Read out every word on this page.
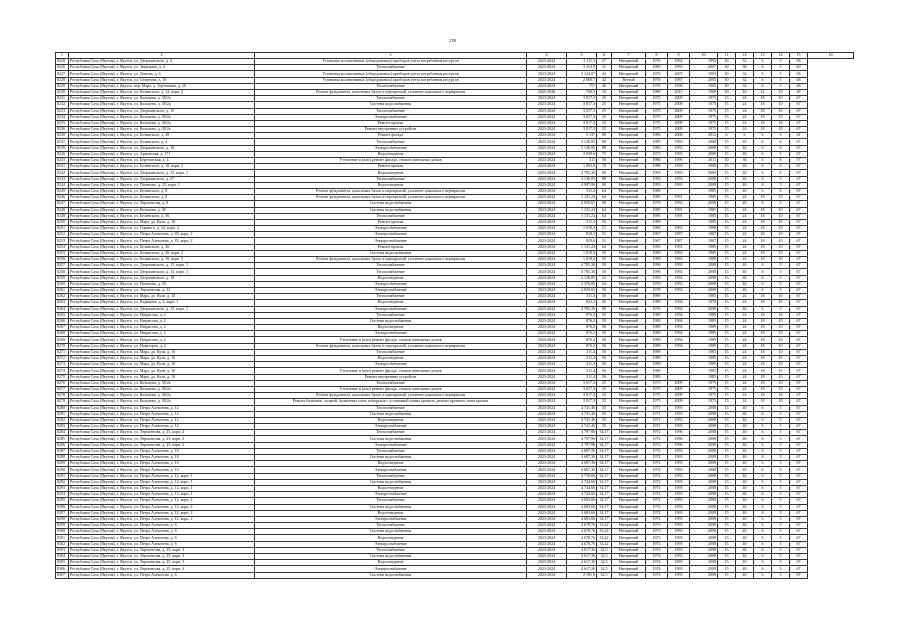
2ТВ
1	2	3	4	5	6	7	8	9	10	11	12	13	14	15	16
8220	Республика Саха (Якутия), г. Якутск, ул. Дзержинского, д. 6	Установка коллективных (общедомовых) приборов учета потребления ресурсов	2023-2024	2 111,3	57	Негорючий	1976	1964	1993	30	32	6	5	68	
8226	Республика Саха (Якутия), г. Якутск, ул. Зверовава, д. 4	Теплоснабжение	2023-2024	3 414,9	31	Негорючий	1985	1993	2007	30	38	6	5	60	
8227	Республика Саха (Якутия), г. Якутск, ул. Ленина, д. 6	Установка коллективных (общедомовых) приборов учета потребления ресурсов	2023-2024	3 124,07	42	Негорючий	1976	2007	1993	30	32	6	5	68	
8228	Республика Саха (Якутия), г. Якутск, ул. Семенова, д. 16	Установка коллективных (общедомовых) приборов учета потребления ресурсов	2023-2024	2 868,7	42	Ветхой	1978	1987	2005	30	32	6	5	68	
8229	Республика Саха (Якутия), г. Якутск, пер. Мара, д. Терешкина, д. 20	Теплоснабжение	2023-2024	751	40	Негорючий	1976	1996	1965	30	32	6	5	68	
8230	Республика Саха (Якутия), г. Якутск, ул. Белинского, д. 12, корп. 2	Ремонт фундамента, цокольных балок и перекрытий, усиление цокольного перекрытия	2025-2026	720,3	16	Негорючий	1980	2015	1968	30	16	12	10	48	
8231	Республика Саха (Якутия), г. Якутск, ул. Кольцева, д. 38/2а	Теплоснабжение	2023-2024	3 017,3	25	Негорючий	1975	2009	1975	15	24	18	10	67	
8232	Республика Саха (Якутия), г. Якутск, ул. Кольцева, д. 38/2а	Система водоснабжения	2023-2024	3 017,3	25	Негорючий	1975	2009	1975	15	24	18	10	67	
8233	Республика Саха (Якутия), г. Якутск, ул. Дзержинского, д. 15	Теплоснабжение	2023-2024	3 017,3	25	Негорючий	1975	2009	1975	15	24	18	10	67	
8234	Республика Саха (Якутия), г. Якутск, ул. Кольцева, д. 38/2а	Электроснабжение	2023-2024	3 017,3	25	Негорючий	1975	2009	1975	15	24	18	10	67	
8235	Республика Саха (Якутия), г. Якутск, ул. Кольцева, д. 38/2а	Ремонт кровли	2023-2024	3 017,3	25	Негорючий	1975	2009	1975	15	24	18	10	67	
8236	Республика Саха (Якутия), г. Якутск, ул. Кольцева, д. 38/2а	Ремонт внутренних устройств	2023-2024	3 017,3	25	Негорючий	1975	2009	1975	15	24	18	10	67	
8238	Республика Саха (Якутия), г. Якутск, ул. Белинского, д. 48	Ремонт фасада	2023-2024	3 137	88	Негорючий	1986	2008	2012	6	6	6	6	61	
8237	Республика Саха (Якутия), г. Якутск, ул. Белинского, д. 4	Теплоснабжение	2023-2024	3 136,85	88	Негорючий	1985	1993	2008	15	40	6	6	67	
8239	Республика Саха (Якутия), г. Якутск, ул. Дзержинского, д. 18	Электроснабжение	2023-2024	5 136,85	88	Негорючий	1985	1993	2008	15	40	6	6	67	
8240	Республика Саха (Якутия), г. Якутск, ул. Арманская, д. 171	Водоотведение	2023-2024	3 039,6	75	Негорючий	1973	1993	2008	15	40	6	5	67	
8243	Республика Саха (Якутия), г. Якутск, ул. Березовская, д. 4	Утепление и (или) ремонт фасада, стыков панельных домов	2023-2024	311	56	Негорючий	1986	1996	2011	30	36	5	8	57	
8241	Республика Саха (Якутия), г. Якутск, ул. Белинского, д. 16, корп. 2	Ремонт кровли	2023-2024	1 903,8	70	Негорючий	1986	1993	1968	15	40	6	6	67	
8242	Республика Саха (Якутия), г. Якутск, ул. Дзержинского, д. 15, корп. 1	Водоотведение	2023-2024	4 785,36	90	Негорючий	1993	1993	2009	15	40	6	6	67	
8243	Республика Саха (Якутия), г. Якутск, ул. Дзержинского, д. 27	Теплоснабжение	2023-2024	3 136,85	88	Негорючий	1993	1993	2008	15	40	6	5	67	
8244	Республика Саха (Якутия), г. Якутск, ул. Потапова, д. 25, корп. 1	Водоотведение	2023-2024	4 997,96	90	Негорючий	1993	1993	2008	15	40	6	5	67	
8245	Республика Саха (Якутия), г. Якутск, ул. Белинского, д. 8	Ремонт фундамента, цокольных балок и перекрытий, усиление цокольного перекрытия	2023-2024	311,4	64	Негорючий	1989		1985	15	40	6	6	67	
8246	Республика Саха (Якутия), г. Якутск, ул. Белинского, д. 8	Ремонт фундамента, цокольных балок и перекрытий, усиление цокольного перекрытия	2023-2024	1 131,24	64	Негорючий	1985	1991	1985	15	24	18	10	67	
8247	Республика Саха (Якутия), г. Якутск, ул. Лермонтова, д. 8	Система водоснабжения	2023-2024	2 050,65	50	Негорючий	1978	1992	2008	15	40	6	5	67	
8248	Республика Саха (Якутия), г. Якутск, ул. Кольцева, д. 38	Система водоснабжения	2023-2024	1 131,24	64	Негорючий	1985	1991	1985	15	24	18	10	67	
8249	Республика Саха (Якутия), г. Якутск, ул. Белинского, д. 36	Теплоснабжение	2023-2024	1 131,24	64	Негорючий	1985	1991	1985	15	24	18	10	67	
8250	Республика Саха (Якутия), г. Якутск, ул. Мара, дл. Кузи, д. 16	Ремонт кровли	2023-2024	311,4	56	Негорючий	1989		1985	15	24	18	10	67	
8251	Республика Саха (Якутия), г. Якутск, ул. Горького, д. 34, корп. 2	Электроснабжение	2023-2024	1 018,4	51	Негорючий	1969	1963	1988	15	24	18	10	67	
8252	Республика Саха (Якутия), г. Якутск, ул. Петра Алексеева, д. 83, корп. 2	Электроснабжение	2023-2024	819,3	51	Негорючий	1967	1987	1967	15	24	18	10	67	
8253	Республика Саха (Якутия), г. Якутск, ул. Петра Алексеева, д. 83, корп. 2	Электроснабжение	2023-2024	829,6	51	Негорючий	1967	1987	1967	15	24	18	10	67	
8254	Республика Саха (Якутия), г. Якутск, ул. Белинского, д. 26	Ремонт кровли	2023-2024	1 131,24	64	Негорючий	1985	1991	1985	15	24	18	10	67	
8255	Республика Саха (Якутия), г. Якутск, ул. Белинского, д. 36, корп. 2	Система водоснабжения	2023-2024	1 018,4	50	Негорючий	1989	1963	1985	15	24	18	10	67	
8256	Республика Саха (Якутия), г. Якутск, ул. Белинского, д. 10, корп. 3	Ремонт фундамента, цокольных балок и перекрытий, усиление цокольного перекрытия	2023-2024	1 018,4	50	Негорючий	1989	1963	1988	15	24	18	10	67	
8257	Республика Саха (Якутия), г. Якутск, ул. Дзержинского, д. 15, корп. 1	Теплоснабжение	2023-2024	4 785,36	50	Негорючий	1996	1992	2008	15	40	6	5	67	
8258	Республика Саха (Якутия), г. Якутск, ул. Дзержинского, д. 15, корп. 1	Теплоснабжение	2023-2024	4 785,36	50	Негорючий	1996	1992	2008	15	40	6	5	67	
8259	Республика Саха (Якутия), г. Якутск, ул. Дзержинского, д. 18	Водоотведение	2023-2024	2 136,85	52	Негорючий	1993	1992	2008	15	40	6	5	67	
8260	Республика Саха (Якутия), г. Якутск, ул. Потапова, д. 25	Электроснабжение	2023-2024	2 376,85	52	Негорючий	1979	1993	2008	15	40	6	5	67	
8261	Республика Саха (Якутия), г. Якутск, ул. Лермонтова, д. 22	Электроснабжение	2023-2024	2 050,65	50	Негорючий	1978	1992	2008	15	40	6	5	67	
8262	Республика Саха (Якутия), г. Якутск, ул. Мара, дл. Кузи, д. 10	Теплоснабжение	2023-2024	311,4	56	Негорючий	1989		1985	15	24	18	10	67	
8263	Республика Саха (Якутия), г. Якутск, ул. Радищева, д. 4, корп. 1	Водоотведение	2023-2024	823,2	45	Негорючий	1989	1994	1970	15	24	18	10	67	
8264	Республика Саха (Якутия), г. Якутск, ул. Дзержинского, д. 15, корп. 1	Электроснабжение	2023-2024	4 785,36	90	Негорючий	1976	1992	2008	15	40	6	5	67	
8265	Республика Саха (Якутия), г. Якутск, ул. Некрасова, д. 2	Теплоснабжение	2023-2024	876,2	50	Негорючий	1989	1994	1989	15	24	18	10	67	
8266	Республика Саха (Якутия), г. Якутск, ул. Некрасова, д. 2	Система водоснабжения	2023-2024	876,2	50	Негорючий	1989	1994	1989	15	24	18	10	67	
8267	Республика Саха (Якутия), г. Якутск, ул. Некрасова, д. 2	Водоотведение	2023-2024	876,2	50	Негорючий	1989	1994	1989	15	24	18	10	67	
8268	Республика Саха (Якутия), г. Якутск, ул. Некрасова, д. 2	Электроснабжение	2023-2024	876,2	50	Негорючий	1989	1994	1989	15	24	18	10	67	
8269	Республика Саха (Якутия), г. Якутск, ул. Некрасова, д. 2	Утепление и (или) ремонт фасада, стыков панельных домов	2023-2024	876,2	50	Негорючий	1989	1994	1989	15	24	18	10	67	
8270	Республика Саха (Якутия), г. Якутск, ул. Новаторов, д. 2	Ремонт фундамента, цокольных балок и перекрытий, усиление цокольного перекрытия	2023-2024	876,2	50	Негорючий	1989	1994	1989	15	24	18	10	67	
8271	Республика Саха (Якутия), г. Якутск, ул. Мара, дл. Кузи, д. 10	Теплоснабжение	2023-2024	311,4	56	Негорючий	1989		1985	15	24	18	10	67	
8272	Республика Саха (Якутия), г. Якутск, ул. Мара, дл. Кузи, д. 10	Водоотведение	2023-2024	311,4	56	Негорючий	1989		1985	15	24	18	10	67	
8273	Республика Саха (Якутия), г. Якутск, ул. Мара, дл. Кузи, д. 10	Электроснабжение	2023-2024	311,4	56	Негорючий	1989		1985	15	24	18	10	67	
8274	Республика Саха (Якутия), г. Якутск, ул. Мара, дл. Кузи, д. 10	Утепление и (или) ремонт фасада, стыков панельных домов	2023-2024	311,4	56	Негорючий	1989		1985	15	24	18	10	67	
8275	Республика Саха (Якутия), г. Якутск, ул. Мара, дл. Кузи, д. 10	Ремонт внутренних устройств	2023-2024	311,4	56	Негорючий	1989		1985	15	24	18	10	67	
8276	Республика Саха (Якутия), г. Якутск, ул. Кольцева, д. 38/2а	Теплоснабжение	2023-2024	3 017,3	25	Негорючий	1975	2009	1975	15	24	18	10	67	
8277	Республика Саха (Якутия), г. Якутск, ул. Кольцева, д. 38/2а	Утепление и (или) ремонт фасада, стыков панельных домов	2023-2024	3 017,3	25	Негорючий	1975	2009	1975	15	24	18	10	67	
8278	Республика Саха (Якутия), г. Якутск, ул. Кольцева, д. 38/2а	Ремонт фундамента, цокольных балок и перекрытий, усиление цокольного перекрытия	2023-2024	3 017,3	25	Негорючий	1975	2009	1975	15	24	18	10	67	
8279	Республика Саха (Якутия), г. Якутск, ул. Кольцева, д. 38/2а	Ремонт балконов, лоджий, балконных плит, козырьков с установкой новых кровель, ремонт кровного ската крыши	2023-2024	3 017,3	25	Негорючий	1975	2009	1975	15	24	18	10	67	
8280	Республика Саха (Якутия), г. Якутск, ул. Петра Алексеева, д. 12	Теплоснабжение	2023-2024	4 741,46	35	Негорючий	1971	1993	2008	15	40	6	5	67	
8281	Республика Саха (Якутия), г. Якутск, ул. Петра Алексеева, д. 12	Система водоснабжения	2023-2024	4 741,46	35	Негорючий	1971	1993	2008	15	40	6	5	67	
8282	Республика Саха (Якутия), г. Якутск, ул. Петра Алексеева, д. 12	Водоотведение	2023-2024	4 741,46	35	Негорючий	1971	1993	2008	15	40	6	5	67	
8283	Республика Саха (Якутия), г. Якутск, ул. Петра Алексеева, д. 12	Электроснабжение	2023-2024	4 741,46	35	Негорючий	1971	1993	2008	15	40	6	5	67	
8284	Республика Саха (Якутия), г. Якутск, ул. Лермонтова, д. 23, корп. 2	Теплоснабжение	2023-2024	4 797,96	34,17	Негорючий	1972	1996	2008	15	40	6	5	67	
8285	Республика Саха (Якутия), г. Якутск, ул. Лермонтова, д. 23, корп. 2	Система водоснабжения	2023-2024	4 797,96	34,17	Негорючий	1972	1996	2008	15	40	6	5	67	
8286	Республика Саха (Якутия), г. Якутск, ул. Лермонтова, д. 23, корп. 2	Электроснабжение	2023-2024	4 797,96	34,17	Негорючий	1972	1996	2008	15	40	6	5	67	
8287	Республика Саха (Якутия), г. Якутск, ул. Петра Алексеева, д. 10	Теплоснабжение	2023-2024	4 687,36	34,17	Негорючий	1972	1993	2008	15	40	6	5	67	
8288	Республика Саха (Якутия), г. Якутск, ул. Петра Алексеева, д. 10	Система водоснабжения	2023-2024	4 687,36	34,17	Негорючий	1972	1993	2008	15	40	6	5	67	
8289	Республика Саха (Якутия), г. Якутск, ул. Петра Алексеева, д. 10	Водоотведение	2023-2024	4 687,36	34,17	Негорючий	1972	1993	2008	15	40	6	5	67	
8290	Республика Саха (Якутия), г. Якутск, ул. Петра Алексеева, д. 10	Электроснабжение	2023-2024	4 687,36	34,17	Негорючий	1972	1993	2008	15	40	6	5	67	
8291	Республика Саха (Якутия), г. Якутск, ул. Петра Алексеева, д. 12, корп. 1	Теплоснабжение	2023-2024	4 750,66	34,17	Негорючий	1972	1993	2008	15	40	6	5	67	
8292	Республика Саха (Якутия), г. Якутск, ул. Петра Алексеева, д. 12, корп. 1	Система водоснабжения	2023-2024	4 744,66	34,17	Негорючий	1972	1993	2008	15	40	6	5	67	
8293	Республика Саха (Якутия), г. Якутск, ул. Петра Алексеева, д. 12, корп. 1	Водоотведение	2023-2024	4 744,66	34,17	Негорючий	1972	1993	2008	15	40	6	5	67	
8294	Республика Саха (Якутия), г. Якутск, ул. Петра Алексеева, д. 12, корп. 1	Электроснабжение	2023-2024	4 744,66	34,17	Негорючий	1972	1993	2008	15	40	6	5	67	
8295	Республика Саха (Якутия), г. Якутск, ул. Петра Алексеева, д. 12, корп. 2	Теплоснабжение	2023-2024	4 683,66	34,17	Негорючий	1972	1993	2008	15	40	6	5	67	
8296	Республика Саха (Якутия), г. Якутск, ул. Петра Алексеева, д. 12, корп. 2	Система водоснабжения	2023-2024	4 683,66	34,17	Негорючий	1972	1993	2008	15	40	6	5	67	
8297	Республика Саха (Якутия), г. Якутск, ул. Петра Алексеева, д. 12, корп. 2	Водоотведение	2023-2024	4 683,66	34,17	Негорючий	1972	1993	2008	15	40	6	5	67	
8298	Республика Саха (Якутия), г. Якутск, ул. Петра Алексеева, д. 12, корп. 2	Электроснабжение	2023-2024	4 683,66	34,17	Негорючий	1972	1993	2008	15	40	6	5	67	
8299	Республика Саха (Якутия), г. Якутск, ул. Петра Алексеева, д. 6	Теплоснабжение	2023-2024	4 678,76	33,22	Негорючий	1973	1993	2008	15	40	6	5	67	
8300	Республика Саха (Якутия), г. Якутск, ул. Петра Алексеева, д. 6	Система водоснабжения	2023-2024	4 678,76	33,22	Негорючий	1973	1993	2008	15	40	6	5	67	
8301	Республика Саха (Якутия), г. Якутск, ул. Петра Алексеева, д. 6	Водоотведение	2023-2024	4 678,76	33,22	Негорючий	1973	1993	2008	15	40	6	5	67	
8302	Республика Саха (Якутия), г. Якутск, ул. Петра Алексеева, д. 6	Электроснабжение	2023-2024	4 678,76	33,22	Негорючий	1973	1993	2008	15	40	6	5	67	
8303	Республика Саха (Якутия), г. Якутск, ул. Лермонтова, д. 25, корп. 3	Теплоснабжение	2023-2024	4 617,36	32,5	Негорючий	1974	1993	2008	15	40	6	5	67	
8304	Республика Саха (Якутия), г. Якутск, ул. Лермонтова, д. 25, корп. 3	Система водоснабжения	2023-2024	4 617,36	32,5	Негорючий	1974	1993	2008	15	40	6	5	67	
8305	Республика Саха (Якутия), г. Якутск, ул. Лермонтова, д. 25, корп. 3	Водоотведение	2023-2024	4 617,36	32,5	Негорючий	1974	1993	2008	15	40	6	5	67	
8306	Республика Саха (Якутия), г. Якутск, ул. Лермонтова, д. 25, корп. 3	Электроснабжение	2023-2024	4 617,36	32,5	Негорючий	1974	1993	2008	15	40	6	5	67	
8307	Республика Саха (Якутия), г. Якутск, ул. Петра Алексеева, д. 6	Система водоснабжения	2023-2024	2 191,6	32,5	Негорючий	1974	1993	2008	15	40	6	5	67	
